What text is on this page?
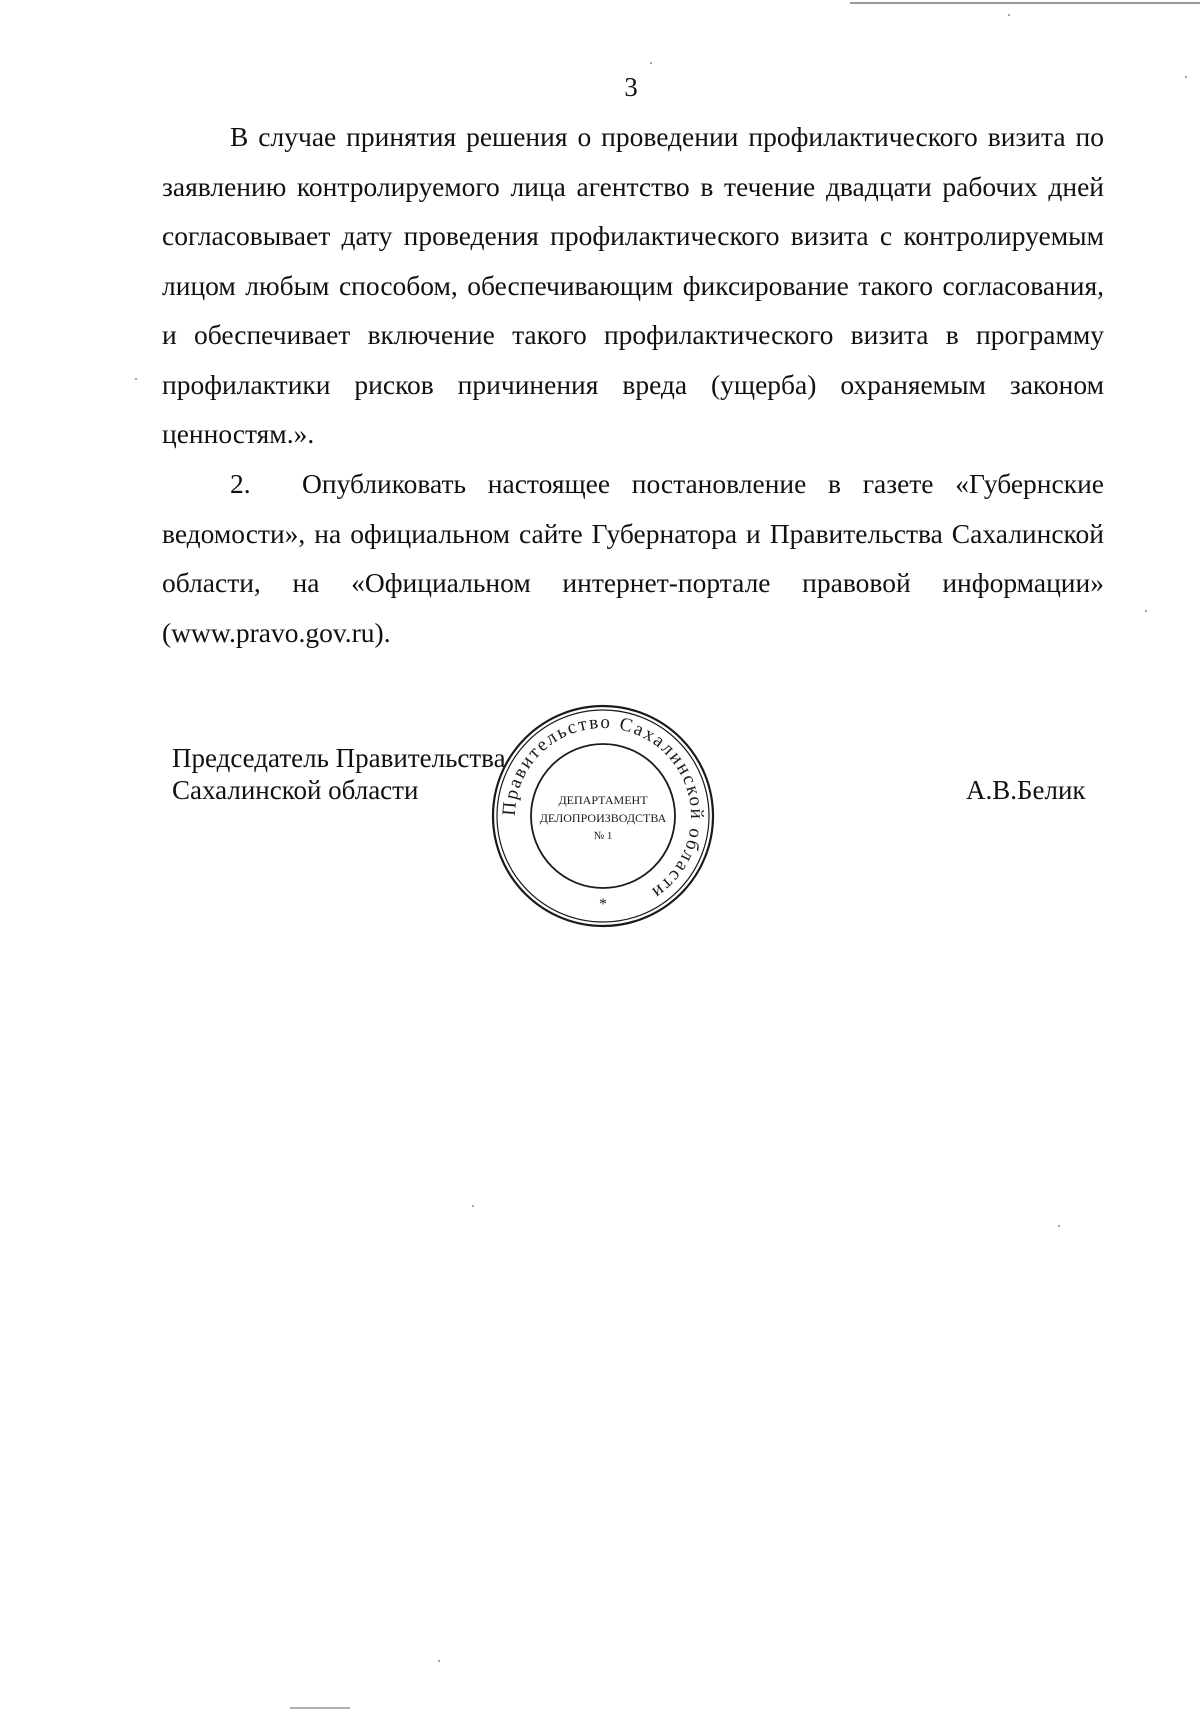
3

В случае принятия решения о проведении профилактического визита по заявлению контролируемого лица агентство в течение двадцати рабочих дней согласовывает дату проведения профилактического визита с контролируемым лицом любым способом, обеспечивающим фиксирование такого согласования, и обеспечивает включение такого профилактического визита в программу профилактики рисков причинения вреда (ущерба) охраняемым законом ценностям.».

2. Опубликовать настоящее постановление в газете «Губернские ведомости», на официальном сайте Губернатора и Правительства Сахалинской области, на «Официальном интернет-портале правовой информации» (www.pravo.gov.ru).

Председатель Правительства
Сахалинской области	А.В.Белик
Правительство Сахалинской области
ДЕПАРТАМЕНТ
ДЕЛОПРОИЗВОДСТВА
№ 1
*
